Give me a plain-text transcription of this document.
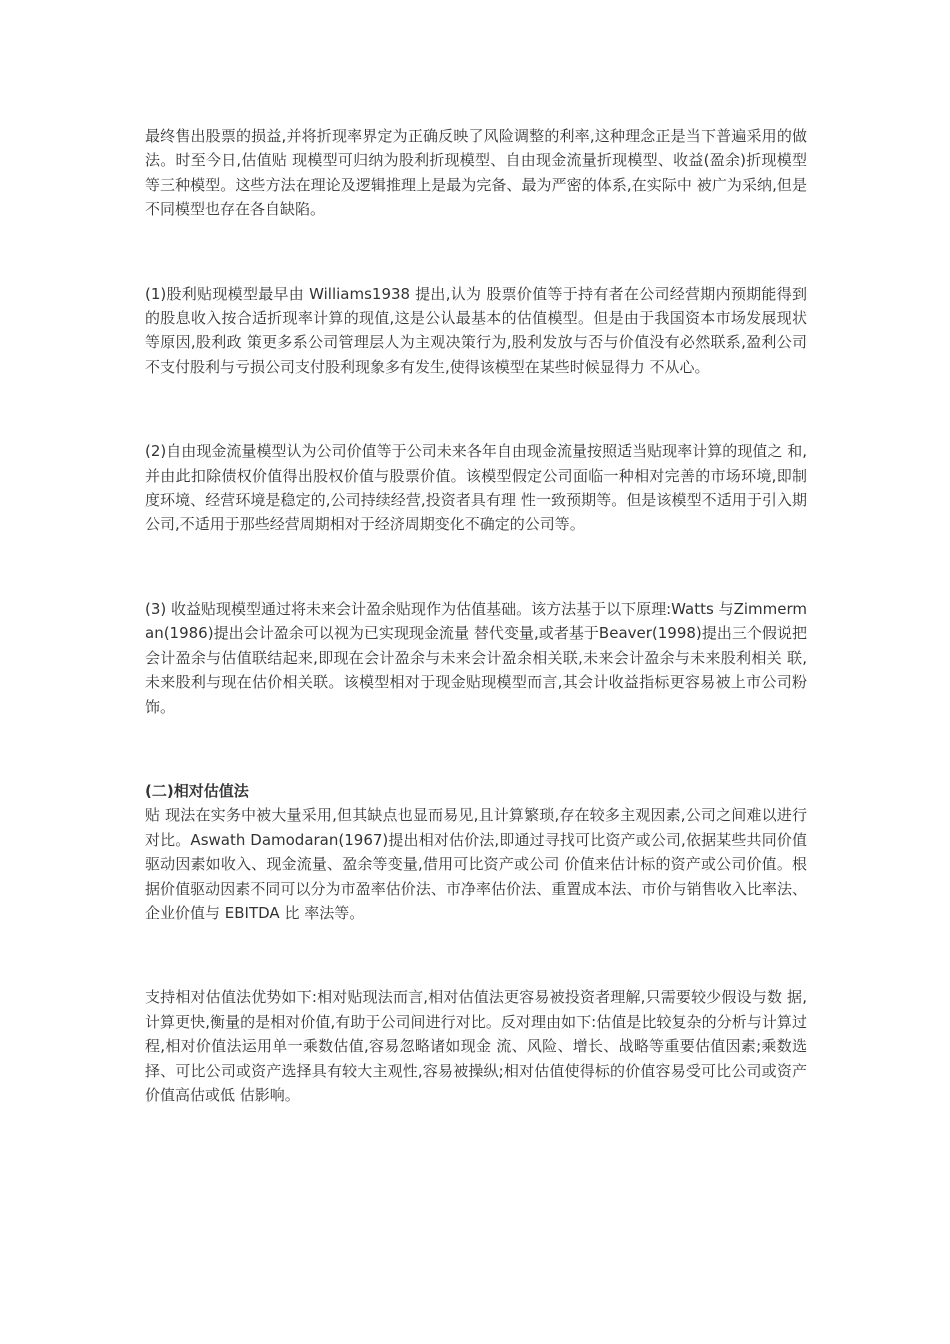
最终售出股票的损益,并将折现率界定为正确反映了风险调整的利率,这种理念正是当下普遍采用的做法。时至今日,估值贴 现模型可归纳为股利折现模型、自由现金流量折现模型、收益(盈余)折现模型等三种模型。这些方法在理论及逻辑推理上是最为完备、最为严密的体系,在实际中 被广为采纳,但是不同模型也存在各自缺陷。

(1)股利贴现模型最早由 Williams1938 提出,认为 股票价值等于持有者在公司经营期内预期能得到的股息收入按合适折现率计算的现值,这是公认最基本的估值模型。但是由于我国资本市场发展现状等原因,股利政 策更多系公司管理层人为主观决策行为,股利发放与否与价值没有必然联系,盈利公司不支付股利与亏损公司支付股利现象多有发生,使得该模型在某些时候显得力 不从心。

(2)自由现金流量模型认为公司价值等于公司未来各年自由现金流量按照适当贴现率计算的现值之 和,并由此扣除债权价值得出股权价值与股票价值。该模型假定公司面临一种相对完善的市场环境,即制度环境、经营环境是稳定的,公司持续经营,投资者具有理 性一致预期等。但是该模型不适用于引入期公司,不适用于那些经营周期相对于经济周期变化不确定的公司等。

(3) 收益贴现模型通过将未来会计盈余贴现作为估值基础。该方法基于以下原理:Watts 与Zimmerman(1986)提出会计盈余可以视为已实现现金流量 替代变量,或者基于Beaver(1998)提出三个假说把会计盈余与估值联结起来,即现在会计盈余与未来会计盈余相关联,未来会计盈余与未来股利相关 联,未来股利与现在估价相关联。该模型相对于现金贴现模型而言,其会计收益指标更容易被上市公司粉饰。

(二)相对估值法

贴 现法在实务中被大量采用,但其缺点也显而易见,且计算繁琐,存在较多主观因素,公司之间难以进行对比。Aswath Damodaran(1967)提出相对估价法,即通过寻找可比资产或公司,依据某些共同价值驱动因素如收入、现金流量、盈余等变量,借用可比资产或公司 价值来估计标的资产或公司价值。根据价值驱动因素不同可以分为市盈率估价法、市净率估价法、重置成本法、市价与销售收入比率法、企业价值与 EBITDA 比 率法等。

支持相对估值法优势如下:相对贴现法而言,相对估值法更容易被投资者理解,只需要较少假设与数 据,计算更快,衡量的是相对价值,有助于公司间进行对比。反对理由如下:估值是比较复杂的分析与计算过程,相对价值法运用单一乘数估值,容易忽略诸如现金 流、风险、增长、战略等重要估值因素;乘数选择、可比公司或资产选择具有较大主观性,容易被操纵;相对估值使得标的价值容易受可比公司或资产价值高估或低 估影响。
